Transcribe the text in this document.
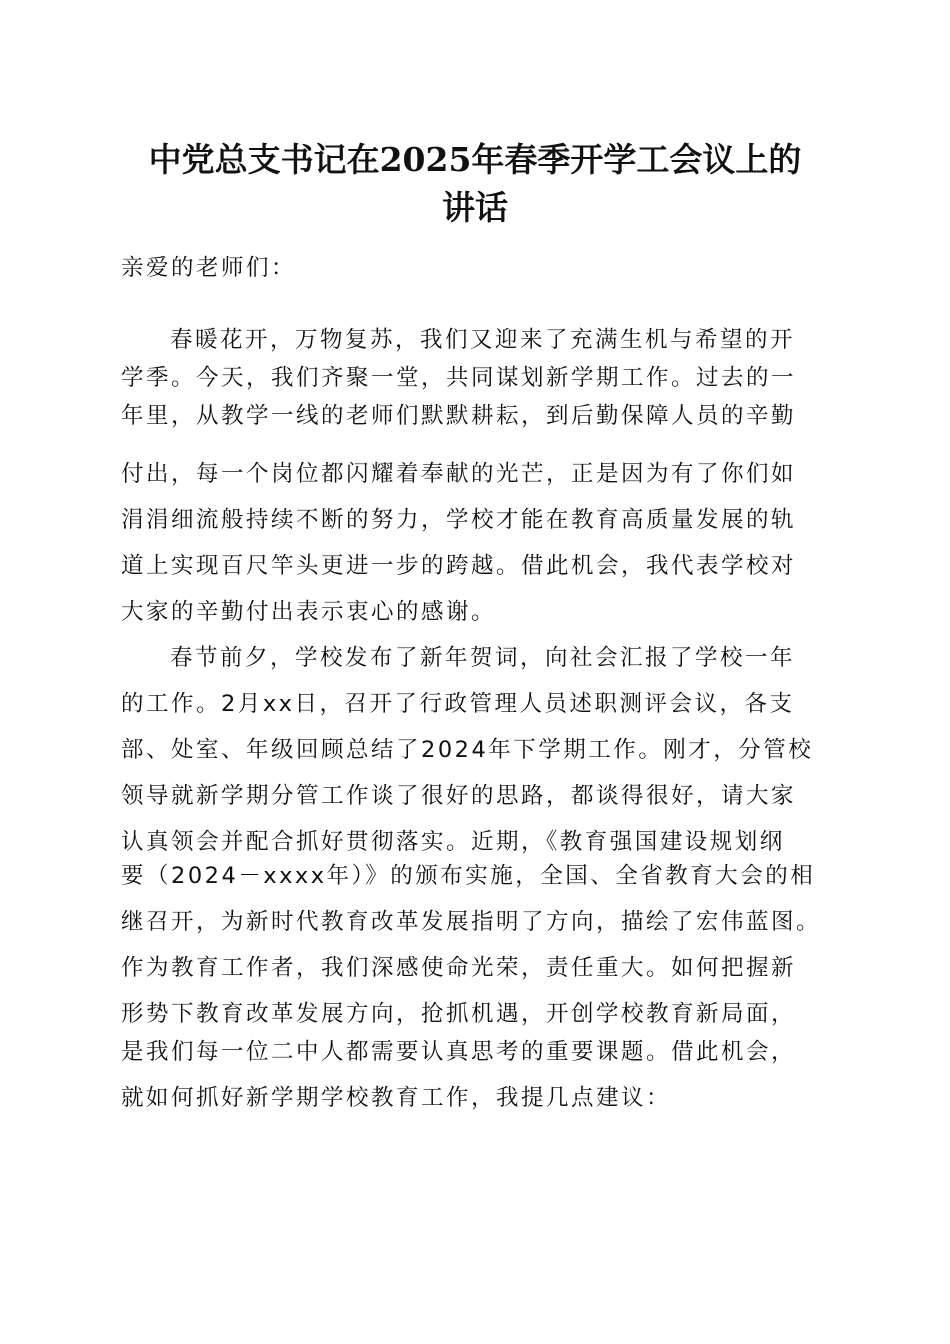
中党总支书记在2025年春季开学工会议上的
讲话

亲爱的老师们：

春暖花开，万物复苏，我们又迎来了充满生机与希望的开

学季。今天，我们齐聚一堂，共同谋划新学期工作。过去的一

年里，从教学一线的老师们默默耕耘，到后勤保障人员的辛勤

付出，每一个岗位都闪耀着奉献的光芒，正是因为有了你们如

涓涓细流般持续不断的努力，学校才能在教育高质量发展的轨

道上实现百尺竿头更进一步的跨越。借此机会，我代表学校对

大家的辛勤付出表示衷心的感谢。

春节前夕，学校发布了新年贺词，向社会汇报了学校一年

的工作。2月xx日，召开了行政管理人员述职测评会议，各支

部、处室、年级回顾总结了2024年下学期工作。刚才，分管校

领导就新学期分管工作谈了很好的思路，都谈得很好，请大家

认真领会并配合抓好贯彻落实。近期，《教育强国建设规划纲

要（2024－xxxx年）》的颁布实施，全国、全省教育大会的相

继召开，为新时代教育改革发展指明了方向，描绘了宏伟蓝图。

作为教育工作者，我们深感使命光荣，责任重大。如何把握新

形势下教育改革发展方向，抢抓机遇，开创学校教育新局面，

是我们每一位二中人都需要认真思考的重要课题。借此机会，

就如何抓好新学期学校教育工作，我提几点建议：
